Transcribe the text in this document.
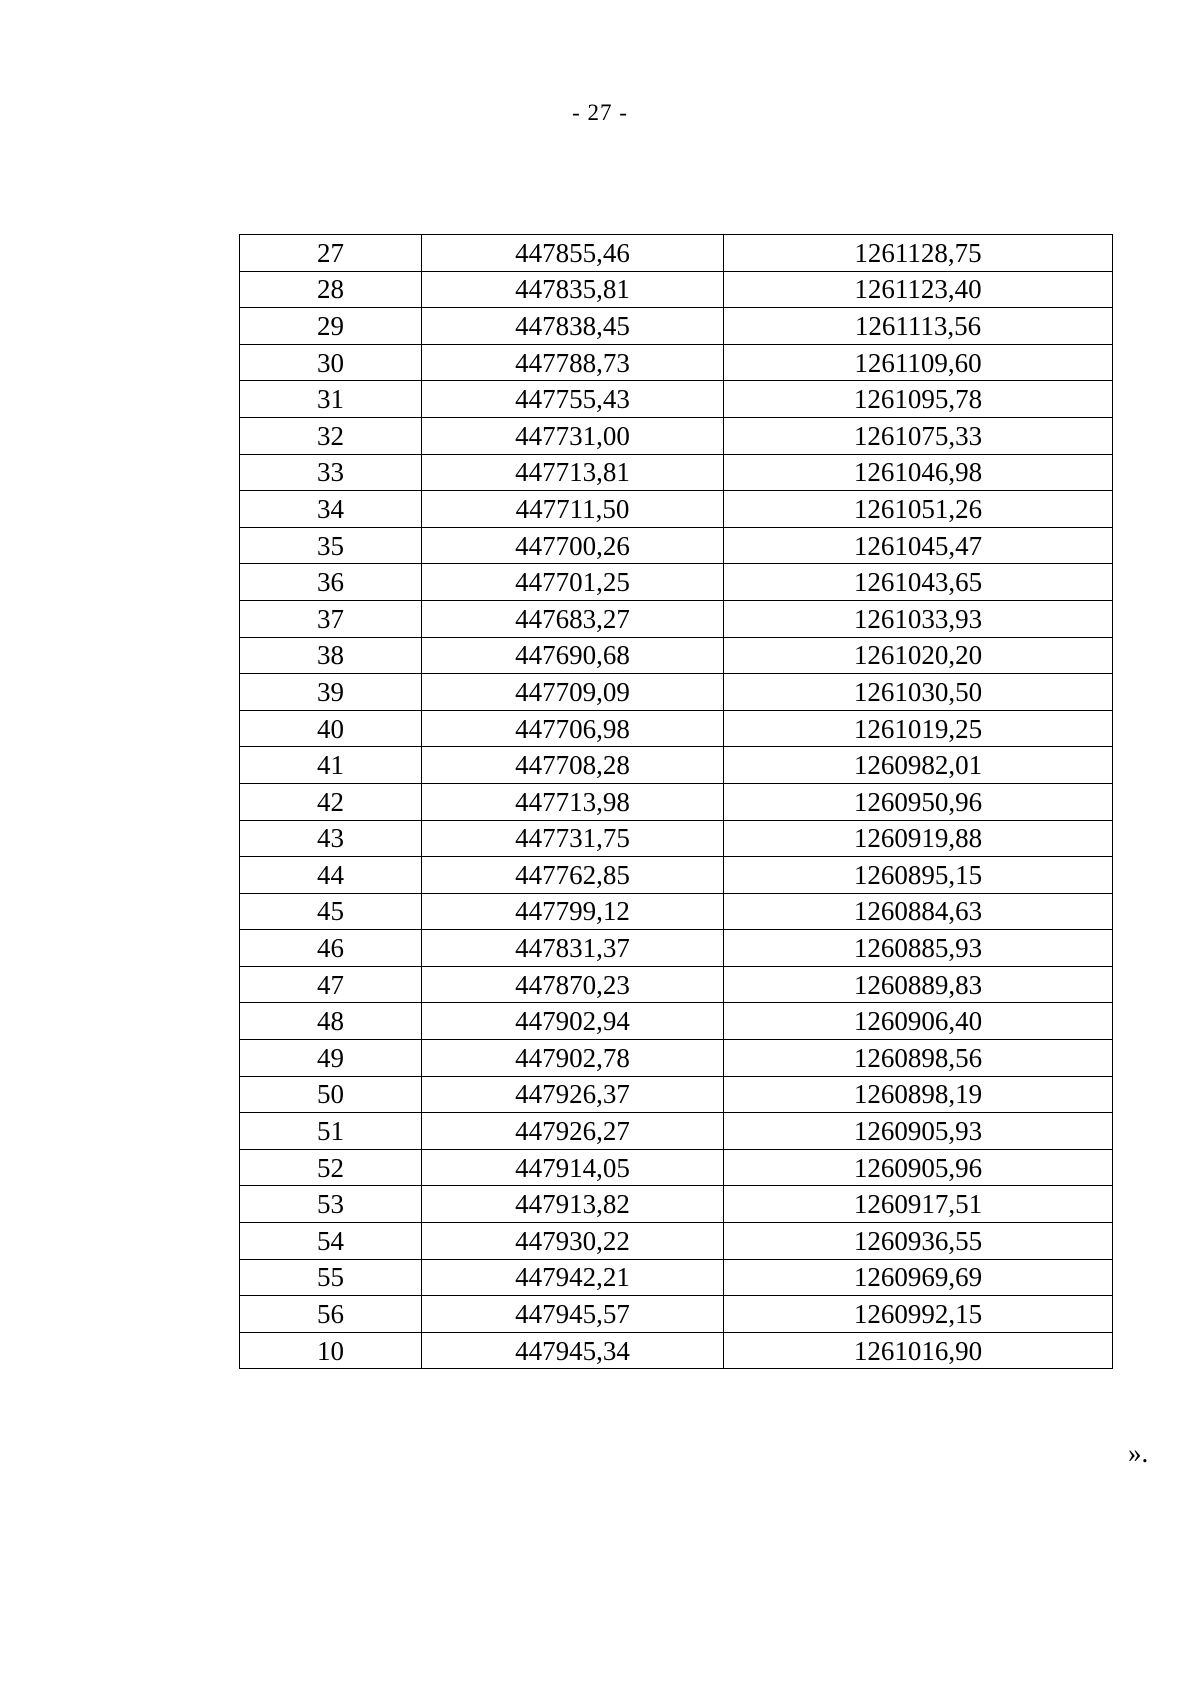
- 27 -
27	447855,46	1261128,75
28	447835,81	1261123,40
29	447838,45	1261113,56
30	447788,73	1261109,60
31	447755,43	1261095,78
32	447731,00	1261075,33
33	447713,81	1261046,98
34	447711,50	1261051,26
35	447700,26	1261045,47
36	447701,25	1261043,65
37	447683,27	1261033,93
38	447690,68	1261020,20
39	447709,09	1261030,50
40	447706,98	1261019,25
41	447708,28	1260982,01
42	447713,98	1260950,96
43	447731,75	1260919,88
44	447762,85	1260895,15
45	447799,12	1260884,63
46	447831,37	1260885,93
47	447870,23	1260889,83
48	447902,94	1260906,40
49	447902,78	1260898,56
50	447926,37	1260898,19
51	447926,27	1260905,93
52	447914,05	1260905,96
53	447913,82	1260917,51
54	447930,22	1260936,55
55	447942,21	1260969,69
56	447945,57	1260992,15
10	447945,34	1261016,90
».
